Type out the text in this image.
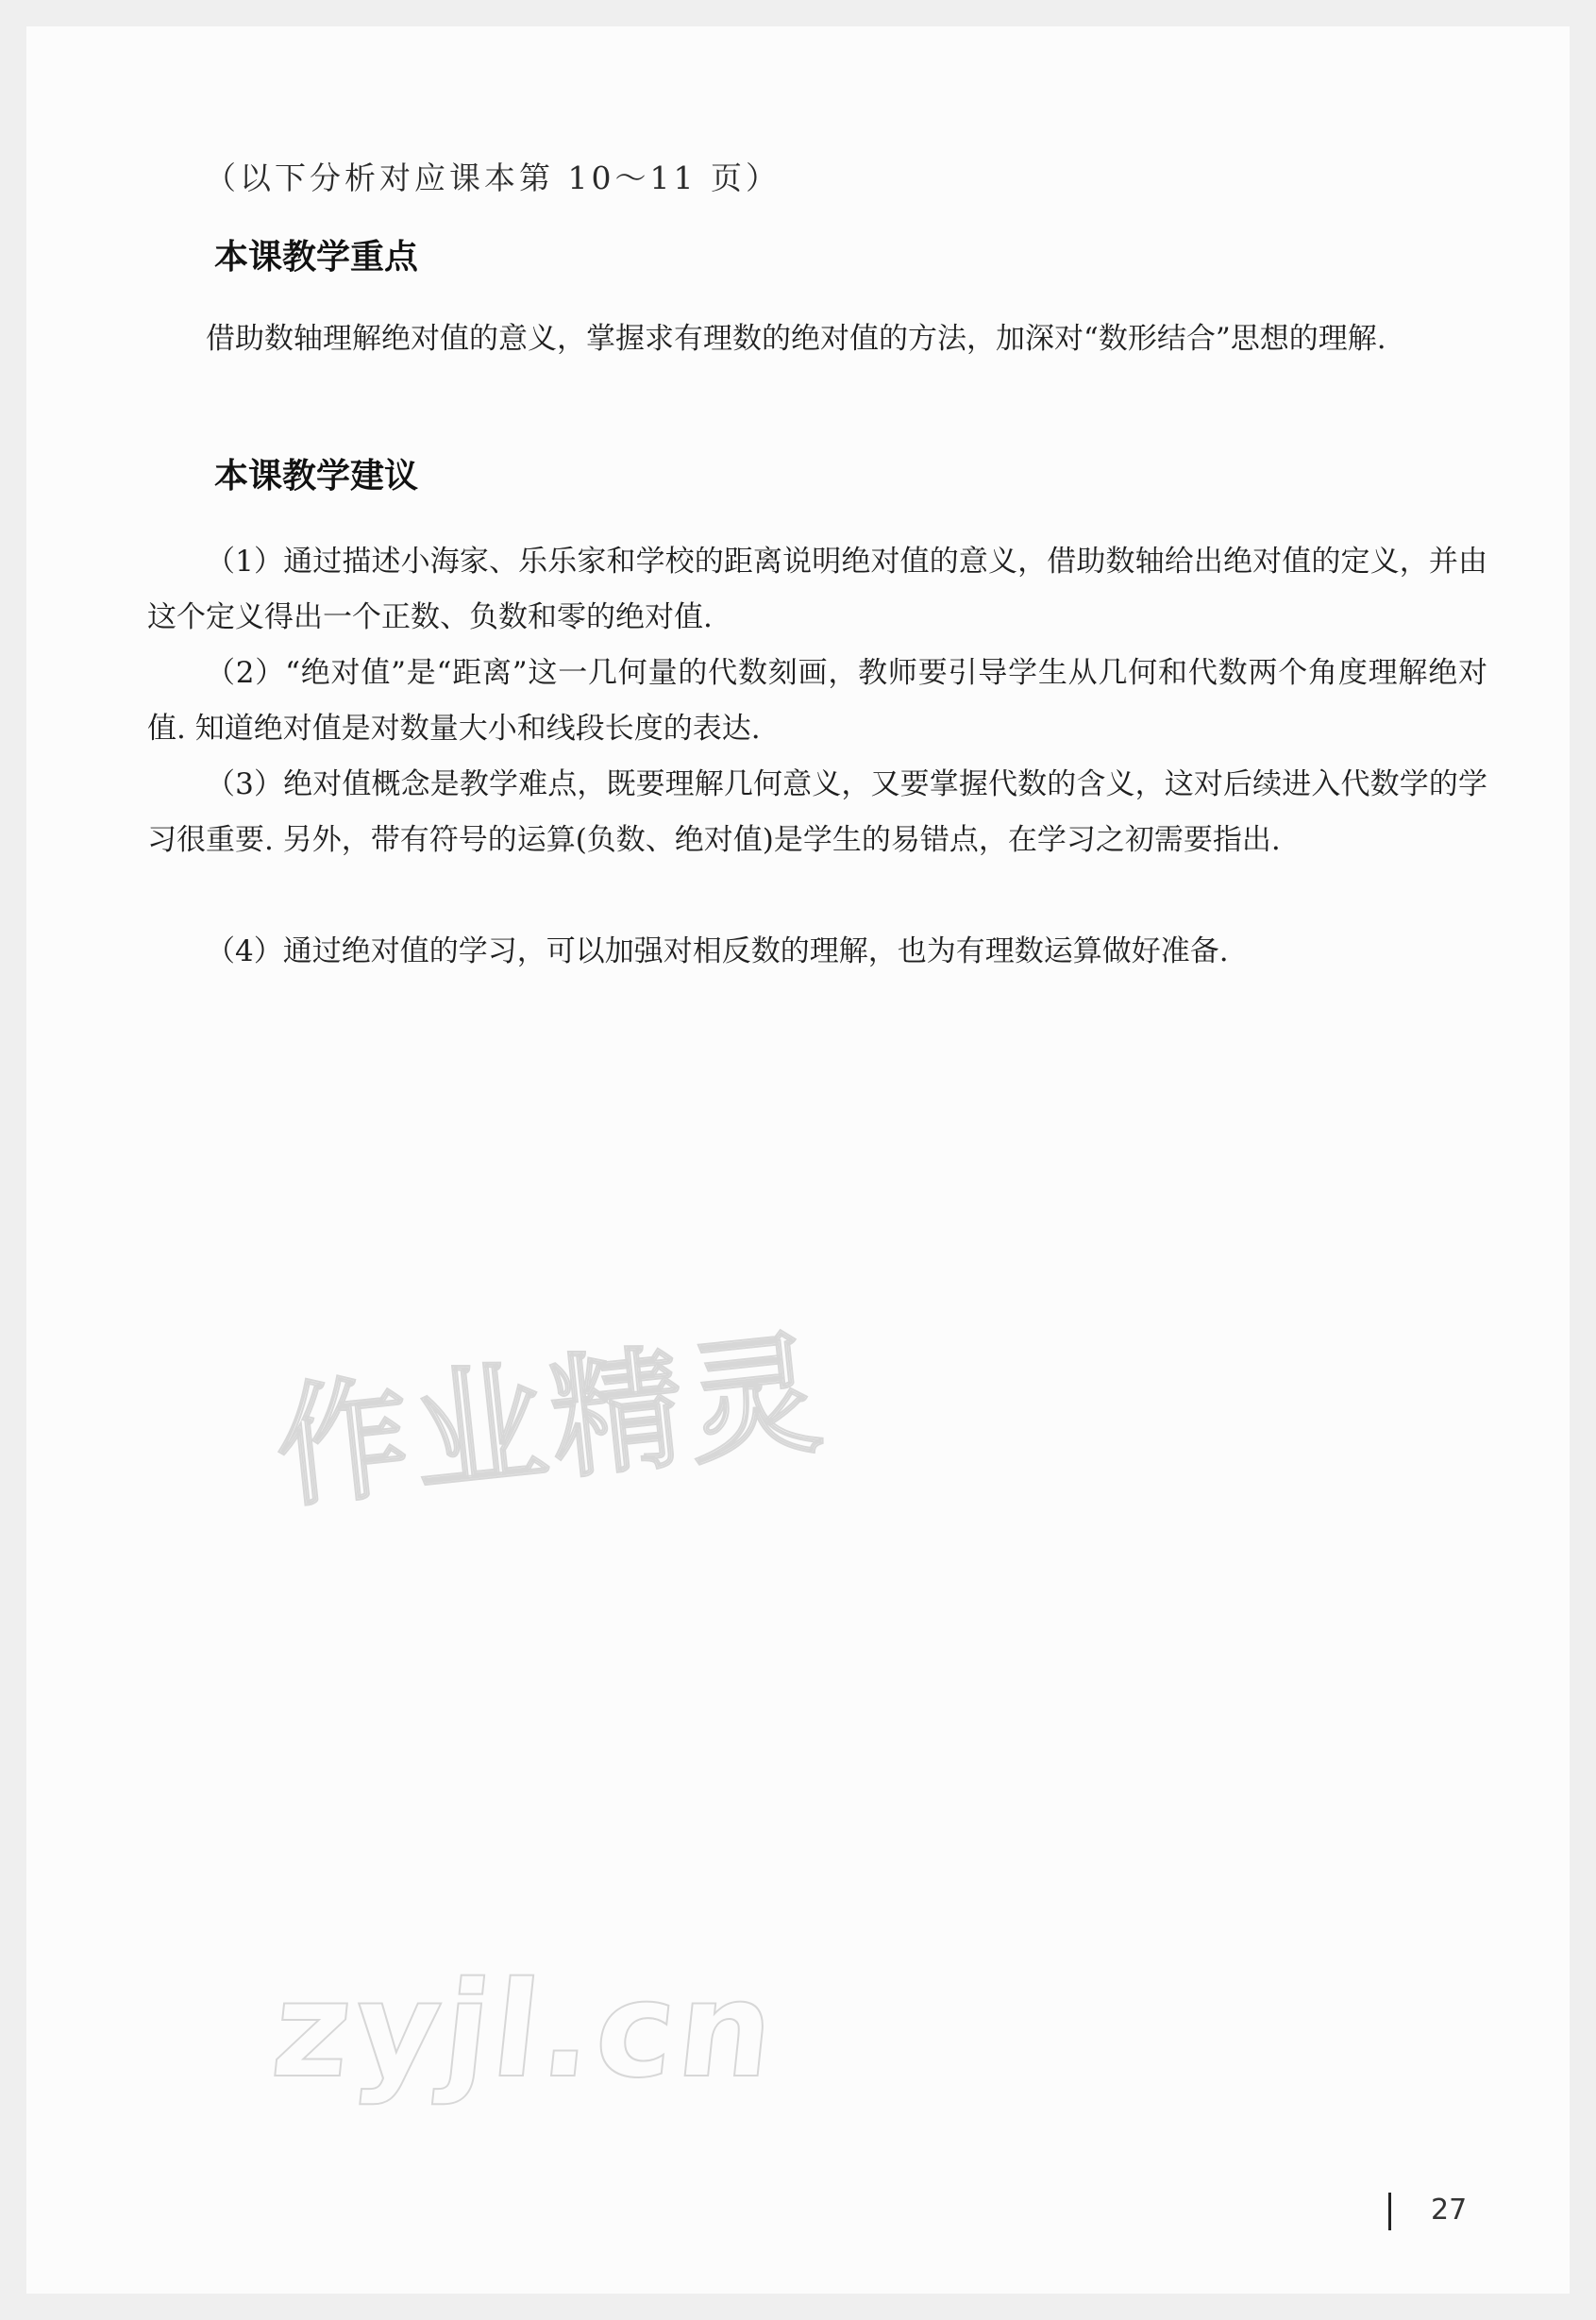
（以下分析对应课本第 10～11 页）
本课教学重点
借助数轴理解绝对值的意义，掌握求有理数的绝对值的方法，加深对“数形结合”思想的理解.
本课教学建议
（1）通过描述小海家、乐乐家和学校的距离说明绝对值的意义，借助数轴给出绝对值的定义，并由这个定义得出一个正数、负数和零的绝对值.
（2）“绝对值”是“距离”这一几何量的代数刻画，教师要引导学生从几何和代数两个角度理解绝对值. 知道绝对值是对数量大小和线段长度的表达.
（3）绝对值概念是教学难点，既要理解几何意义，又要掌握代数的含义，这对后续进入代数学的学习很重要. 另外，带有符号的运算(负数、绝对值)是学生的易错点，在学习之初需要指出.
（4）通过绝对值的学习，可以加强对相反数的理解，也为有理数运算做好准备.
作业精灵
zyjl.cn
27
